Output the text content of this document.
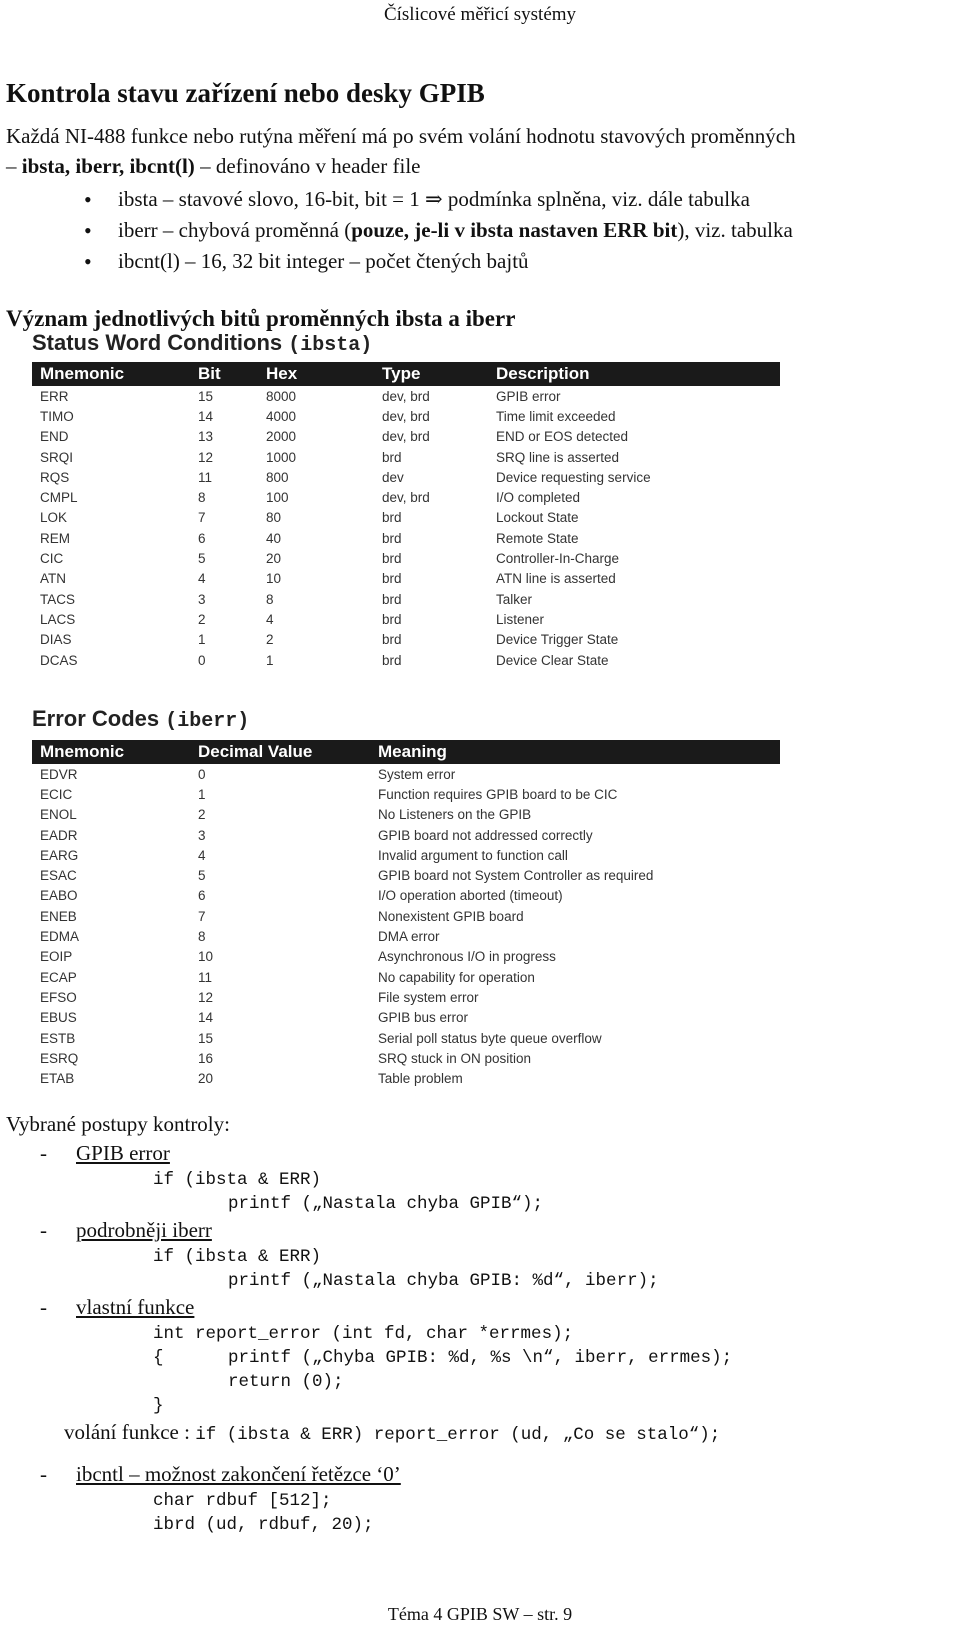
Číslicové měřicí systémy
Kontrola stavu zařízení nebo desky GPIB
Každá NI-488 funkce nebo rutýna měření má po svém volání hodnotu stavových proměnných
– ibsta, iberr, ibcnt(l) – definováno v header file
• ibsta – stavové slovo, 16-bit, bit = 1 ⇒ podmínka splněna, viz. dále tabulka
• iberr – chybová proměnná (pouze, je-li v ibsta nastaven ERR bit), viz. tabulka
• ibcnt(l) – 16, 32 bit integer – počet čtených bajtů
Význam jednotlivých bitů proměnných ibsta a iberr
Status Word Conditions (ibsta)
Mnemonic	Bit	Hex	Type	Description
ERR	15	8000	dev, brd	GPIB error
TIMO	14	4000	dev, brd	Time limit exceeded
END	13	2000	dev, brd	END or EOS detected
SRQI	12	1000	brd	SRQ line is asserted
RQS	11	800	dev	Device requesting service
CMPL	8	100	dev, brd	I/O completed
LOK	7	80	brd	Lockout State
REM	6	40	brd	Remote State
CIC	5	20	brd	Controller-In-Charge
ATN	4	10	brd	ATN line is asserted
TACS	3	8	brd	Talker
LACS	2	4	brd	Listener
DIAS	1	2	brd	Device Trigger State
DCAS	0	1	brd	Device Clear State
Error Codes (iberr)
Mnemonic	Decimal Value	Meaning
EDVR	0	System error
ECIC	1	Function requires GPIB board to be CIC
ENOL	2	No Listeners on the GPIB
EADR	3	GPIB board not addressed correctly
EARG	4	Invalid argument to function call
ESAC	5	GPIB board not System Controller as required
EABO	6	I/O operation aborted (timeout)
ENEB	7	Nonexistent GPIB board
EDMA	8	DMA error
EOIP	10	Asynchronous I/O in progress
ECAP	11	No capability for operation
EFSO	12	File system error
EBUS	14	GPIB bus error
ESTB	15	Serial poll status byte queue overflow
ESRQ	16	SRQ stuck in ON position
ETAB	20	Table problem
Vybrané postupy kontroly:
- GPIB error
if (ibsta & ERR)
printf („Nastala chyba GPIB“);
- podrobněji iberr
if (ibsta & ERR)
printf („Nastala chyba GPIB: %d“, iberr);
- vlastní funkce
int report_error (int fd, char *errmes);
{	printf („Chyba GPIB: %d, %s \n“, iberr, errmes);
return (0);
}
volání funkce : if (ibsta & ERR) report_error (ud, „Co se stalo“);
- ibcntl – možnost zakončení řetězce ‘0’
char rdbuf [512];
ibrd (ud, rdbuf, 20);
Téma 4 GPIB SW – str. 9
